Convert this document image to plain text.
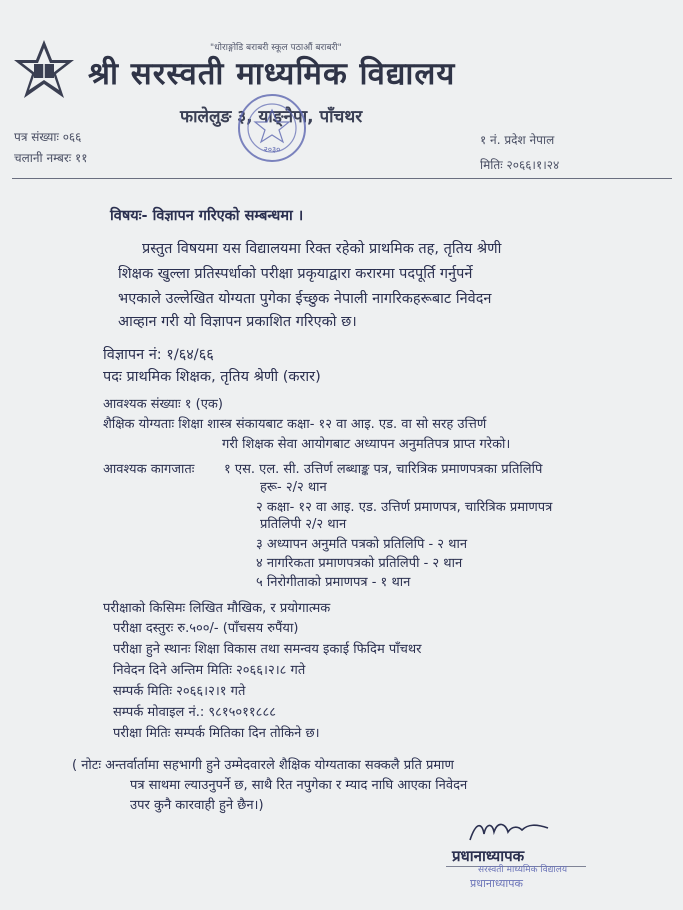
"धोराङ्गोडि बराबरी स्कूल पठाऔं बराबरी"
श्री सरस्वती माध्यमिक विद्यालय
फालेलुङ ३, याङ्नैपा, पाँचथर
२०३०
पत्र संख्याः ०६६
चलानी नम्बरः ११
१ नं. प्रदेश नेपाल
मितिः २०६६।१।२४
विषयः- विज्ञापन गरिएको सम्बन्धमा ।
प्रस्तुत विषयमा यस विद्यालयमा रिक्त रहेको प्राथमिक तह, तृतिय श्रेणी
शिक्षक खुल्ला प्रतिस्पर्धाको परीक्षा प्रकृयाद्वारा करारमा पदपूर्ति गर्नुपर्ने
भएकाले उल्लेखित योग्यता पुगेका ईच्छुक नेपाली नागरिकहरूबाट निवेदन
आव्हान गरी यो विज्ञापन प्रकाशित गरिएको छ।
विज्ञापन नं: १/६४/६६
पदः प्राथमिक शिक्षक, तृतिय श्रेणी (करार)
आवश्यक संख्याः १ (एक)
शैक्षिक योग्यताः शिक्षा शास्त्र संकायबाट कक्षा- १२ वा आइ. एड. वा सो सरह उत्तिर्ण
गरी शिक्षक सेवा आयोगबाट अध्यापन अनुमतिपत्र प्राप्त गरेको।
आवश्यक कागजातः १ एस. एल. सी. उत्तिर्ण लब्धाङ्क पत्र, चारित्रिक प्रमाणपत्रका प्रतिलिपि
हरू- २/२ थान
२ कक्षा- १२ वा आइ. एड. उत्तिर्ण प्रमाणपत्र, चारित्रिक प्रमाणपत्र
प्रतिलिपी २/२ थान
३ अध्यापन अनुमति पत्रको प्रतिलिपि - २ थान
४ नागरिकता प्रमाणपत्रको प्रतिलिपी - २ थान
५ निरोगीताको प्रमाणपत्र - १ थान
परीक्षाको किसिमः लिखित मौखिक, र प्रयोगात्मक
परीक्षा दस्तुरः रु.५००/- (पाँचसय रुपैंया)
परीक्षा हुने स्थानः शिक्षा विकास तथा समन्वय इकाई फिदिम पाँचथर
निवेदन दिने अन्तिम मितिः २०६६।२।८ गते
सम्पर्क मितिः २०६६।२।१ गते
सम्पर्क मोवाइल नं.: ९८१५०११८८८
परीक्षा मितिः सम्पर्क मितिका दिन तोकिने छ।
( नोटः अन्तर्वार्तामा सहभागी हुने उम्मेदवारले शैक्षिक योग्यताका सक्कलै प्रति प्रमाण
पत्र साथमा ल्याउनुपर्ने छ, साथै रित नपुगेका र म्याद नाघि आएका निवेदन
उपर कुनै कारवाही हुने छैन।)
प्रधानाध्यापक
सरस्वती माध्यमिक विद्यालय
प्रधानाध्यापक
